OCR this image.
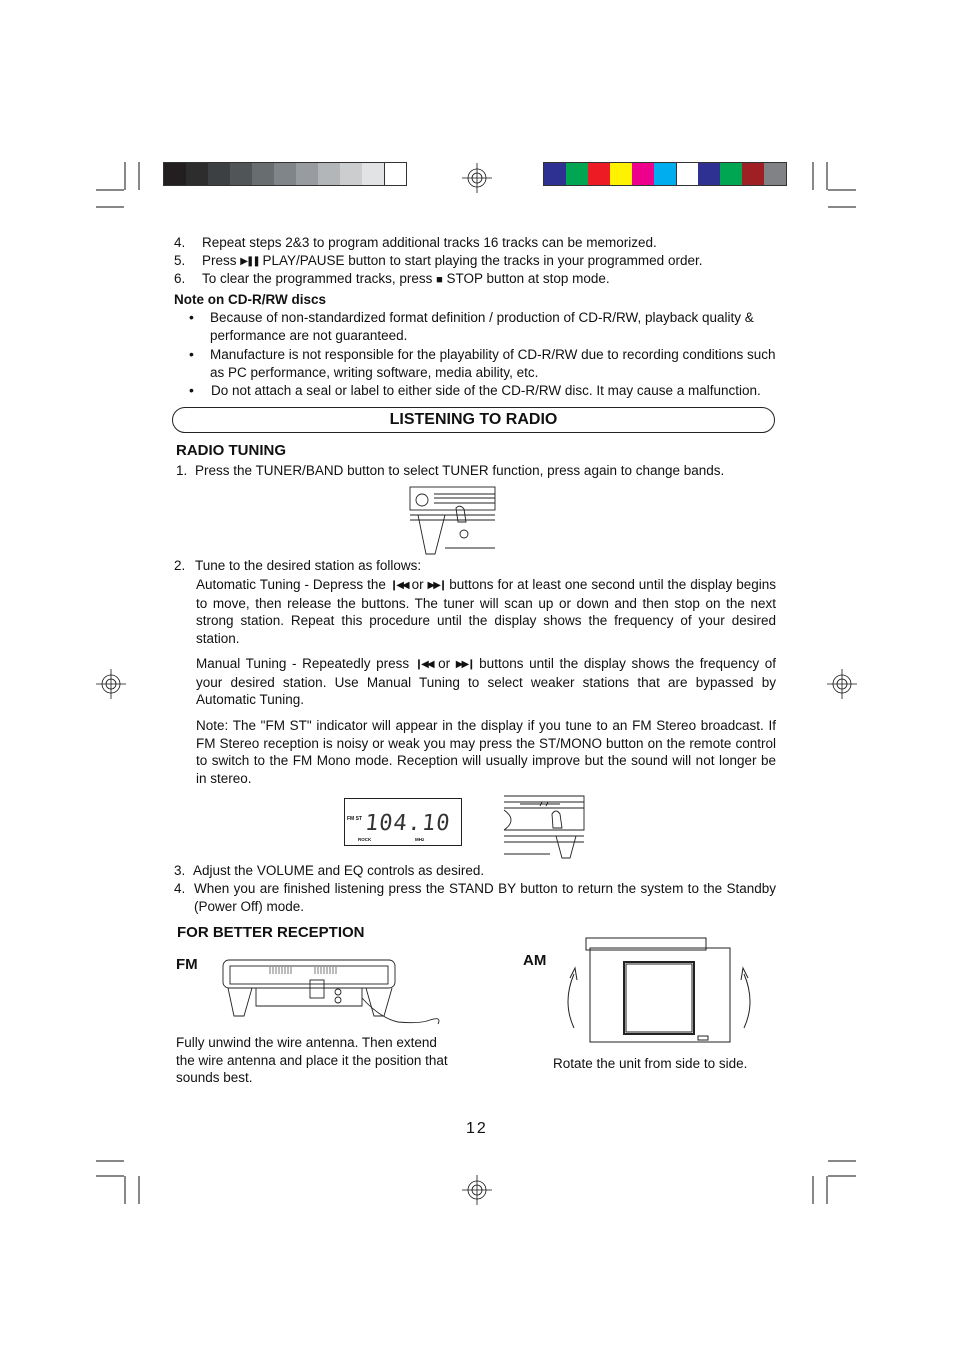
4. Repeat steps 2&3 to program additional tracks 16 tracks can be memorized.
5. Press ▶❚❚ PLAY/PAUSE button to start playing the tracks in your programmed order.
6. To clear the programmed tracks, press ■ STOP button at stop mode.
Note on CD-R/RW discs
• Because of non-standardized format definition / production of CD-R/RW, playback quality & performance are not guaranteed.
• Manufacture is not responsible for the playability of CD-R/RW due to recording conditions such as PC performance, writing software, media ability, etc.
• Do not attach a seal or label to either side of the CD-R/RW disc. It may cause a malfunction.
LISTENING TO RADIO
RADIO TUNING
1. Press the TUNER/BAND button to select TUNER function, press again to change bands.
2. Tune to the desired station as follows:
Automatic Tuning - Depress the ❙◀◀ or ▶▶❙ buttons for at least one second until the display begins to move, then release the buttons. The tuner will scan up or down and then stop on the next strong station. Repeat this procedure until the display shows the frequency of your desired station.
Manual Tuning - Repeatedly press ❙◀◀ or ▶▶❙ buttons until the display shows the frequency of your desired station. Use Manual Tuning to select weaker stations that are bypassed by Automatic Tuning.
Note: The "FM ST" indicator will appear in the display if you tune to an FM Stereo broadcast. If FM Stereo reception is noisy or weak you may press the ST/MONO button on the remote control to switch to the FM Mono mode. Reception will usually improve but the sound will not longer be in stereo.
FM ST 104.10
ROCK	MHz
3. Adjust the VOLUME and EQ controls as desired.
4. When you are finished listening press the STAND BY button to return the system to the Standby (Power Off) mode.
FOR BETTER RECEPTION
FM	AM
Fully unwind the wire antenna. Then extend the wire antenna and place it the position that sounds best.
Rotate the unit from side to side.
12
